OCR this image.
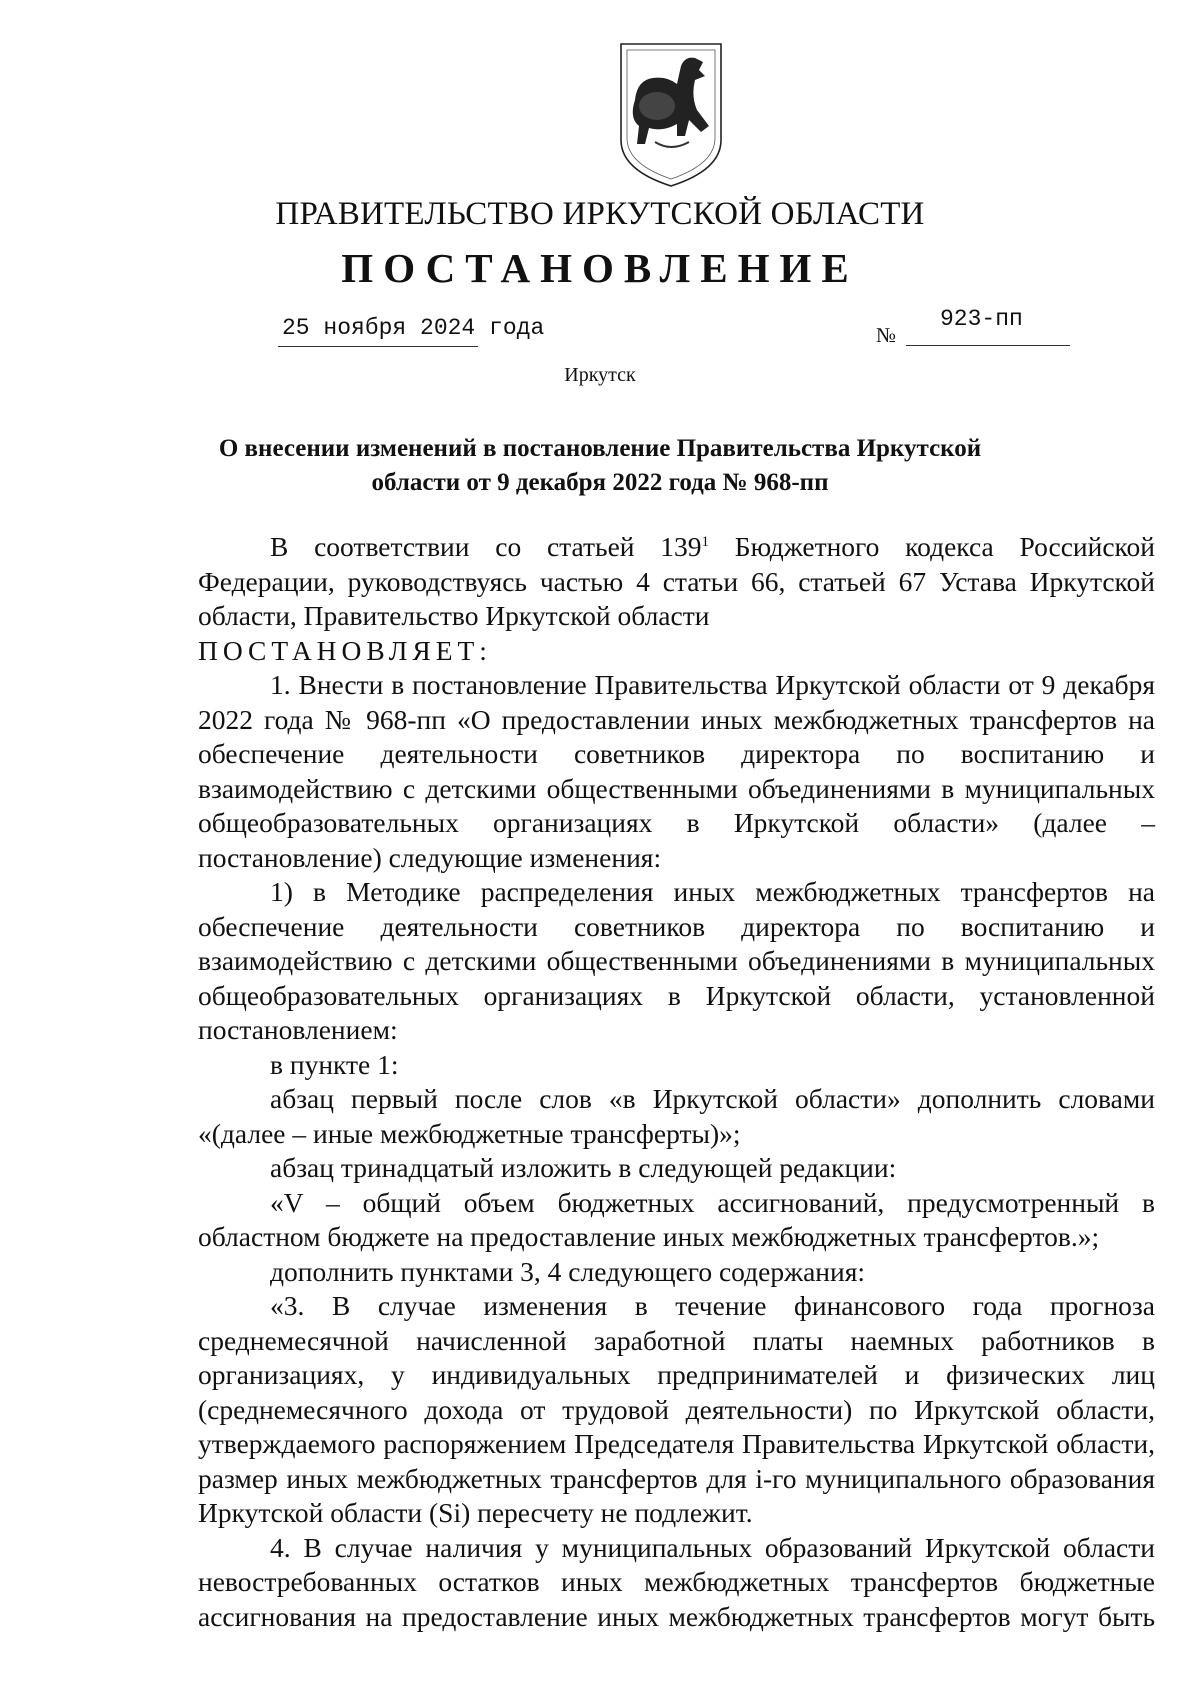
ПРАВИТЕЛЬСТВО ИРКУТСКОЙ ОБЛАСТИ
ПОСТАНОВЛЕНИЕ
25 ноября 2024 года	№
923-пп
Иркутск
О внесении изменений в постановление Правительства Иркутской
области от 9 декабря 2022 года № 968-пп

В соответствии со статьей $139^1$ Бюджетного кодекса Российской Федерации, руководствуясь частью 4 статьи 66, статьей 67 Устава Иркутской области, Правительство Иркутской области

ПОСТАНОВЛЯЕТ:

1. Внести в постановление Правительства Иркутской области от 9 декабря 2022 года № 968-пп «О предоставлении иных межбюджетных трансфертов на обеспечение деятельности советников директора по воспитанию и взаимодействию с детскими общественными объединениями в муниципальных общеобразовательных организациях в Иркутской области» (далее – постановление) следующие изменения:

1) в Методике распределения иных межбюджетных трансфертов на обеспечение деятельности советников директора по воспитанию и взаимодействию с детскими общественными объединениями в муниципальных общеобразовательных организациях в Иркутской области, установленной постановлением:

в пункте 1:

абзац первый после слов «в Иркутской области» дополнить словами «(далее – иные межбюджетные трансферты)»;

абзац тринадцатый изложить в следующей редакции:

«V – общий объем бюджетных ассигнований, предусмотренный в областном бюджете на предоставление иных межбюджетных трансфертов.»;

дополнить пунктами 3, 4 следующего содержания:

«3. В случае изменения в течение финансового года прогноза среднемесячной начисленной заработной платы наемных работников в организациях, у индивидуальных предпринимателей и физических лиц (среднемесячного дохода от трудовой деятельности) по Иркутской области, утверждаемого распоряжением Председателя Правительства Иркутской области, размер иных межбюджетных трансфертов для i-го муниципального образования Иркутской области (Si) пересчету не подлежит.

4. В случае наличия у муниципальных образований Иркутской области невостребованных остатков иных межбюджетных трансфертов бюджетные ассигнования на предоставление иных межбюджетных трансфертов могут быть
